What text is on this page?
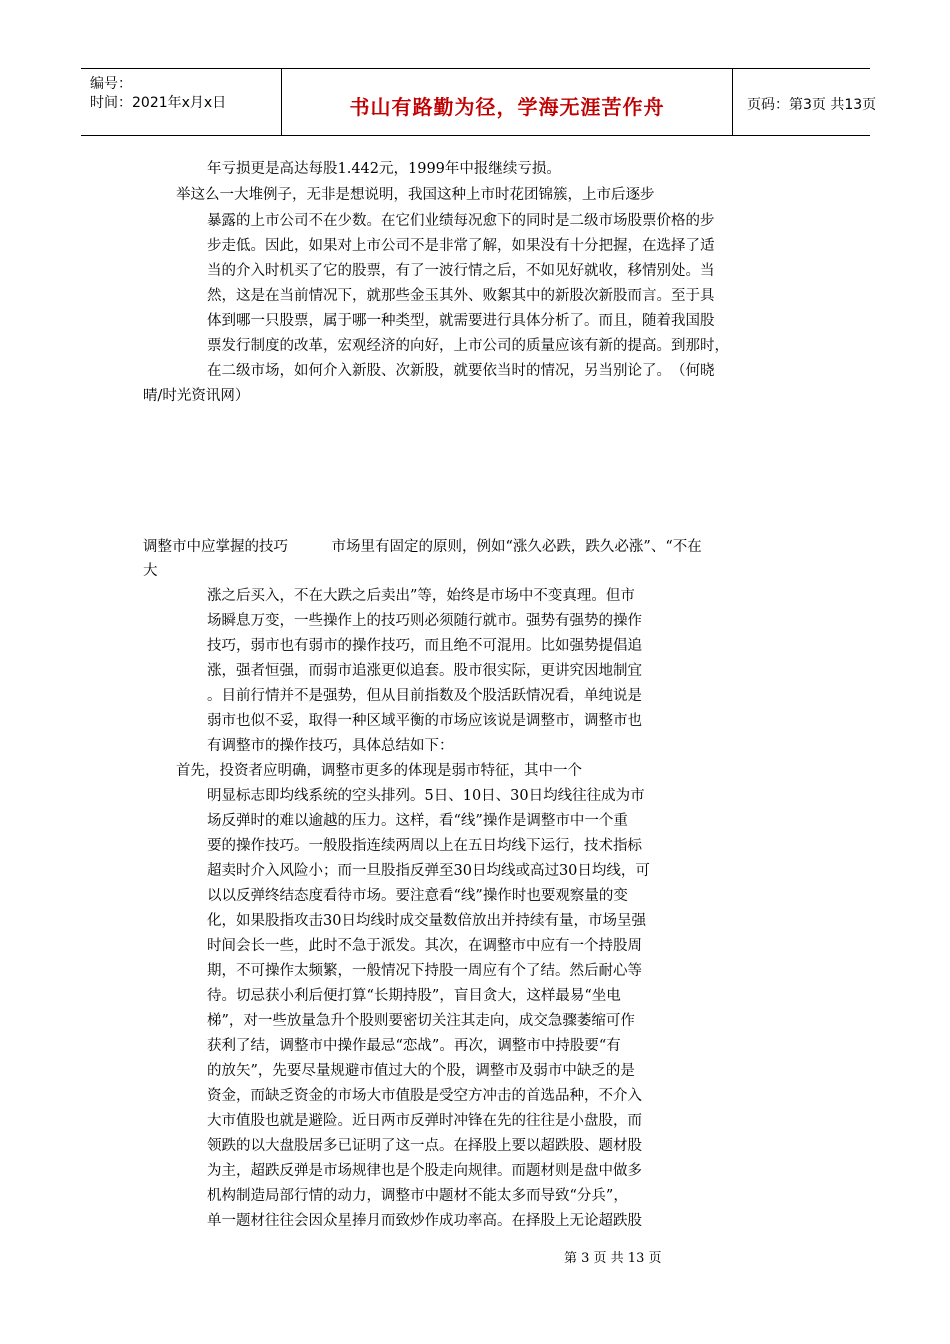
编号：
时间：2021年x月x日	书山有路勤为径，学海无涯苦作舟	页码：第3页 共13页
年亏损更是高达每股1.442元，1999年中报继续亏损。
举这么一大堆例子，无非是想说明，我国这种上市时花团锦簇，上市后逐步
暴露的上市公司不在少数。在它们业绩每况愈下的同时是二级市场股票价格的步
步走低。因此，如果对上市公司不是非常了解，如果没有十分把握，在选择了适
当的介入时机买了它的股票，有了一波行情之后，不如见好就收，移情别处。当
然，这是在当前情况下，就那些金玉其外、败絮其中的新股次新股而言。至于具
体到哪一只股票，属于哪一种类型，就需要进行具体分析了。而且，随着我国股
票发行制度的改革，宏观经济的向好，上市公司的质量应该有新的提高。到那时，
在二级市场，如何介入新股、次新股，就要依当时的情况，另当别论了。　（何晓
晴/时光资讯网）
调整市中应掌握的技巧　　　市场里有固定的原则，例如“涨久必跌，跌久必涨”、“不在
大
涨之后买入，不在大跌之后卖出”等，始终是市场中不变真理。但市
场瞬息万变，一些操作上的技巧则必须随行就市。强势有强势的操作
技巧，弱市也有弱市的操作技巧，而且绝不可混用。比如强势提倡追
涨，强者恒强，而弱市追涨更似追套。股市很实际，更讲究因地制宜
。目前行情并不是强势，但从目前指数及个股活跃情况看，单纯说是
弱市也似不妥，取得一种区域平衡的市场应该说是调整市，调整市也
有调整市的操作技巧，具体总结如下：
首先，投资者应明确，调整市更多的体现是弱市特征，其中一个
明显标志即均线系统的空头排列。5日、10日、30日均线往往成为市
场反弹时的难以逾越的压力。这样，看“线”操作是调整市中一个重
要的操作技巧。一般股指连续两周以上在五日均线下运行，技术指标
超卖时介入风险小；而一旦股指反弹至30日均线或高过30日均线，可
以以反弹终结态度看待市场。要注意看“线”操作时也要观察量的变
化，如果股指攻击30日均线时成交量数倍放出并持续有量，市场呈强
时间会长一些，此时不急于派发。其次，在调整市中应有一个持股周
期，不可操作太频繁，一般情况下持股一周应有个了结。然后耐心等
待。切忌获小利后便打算“长期持股”，盲目贪大，这样最易“坐电
梯”，对一些放量急升个股则要密切关注其走向，成交急骤萎缩可作
获利了结，调整市中操作最忌“恋战”。再次，调整市中持股要“有
的放矢”，先要尽量规避市值过大的个股，调整市及弱市中缺乏的是
资金，而缺乏资金的市场大市值股是受空方冲击的首选品种，不介入
大市值股也就是避险。近日两市反弹时冲锋在先的往往是小盘股，而
领跌的以大盘股居多已证明了这一点。在择股上要以超跌股、题材股
为主，超跌反弹是市场规律也是个股走向规律。而题材则是盘中做多
机构制造局部行情的动力，调整市中题材不能太多而导致“分兵”，
单一题材往往会因众星捧月而致炒作成功率高。在择股上无论超跌股
第 3 页 共 13 页
